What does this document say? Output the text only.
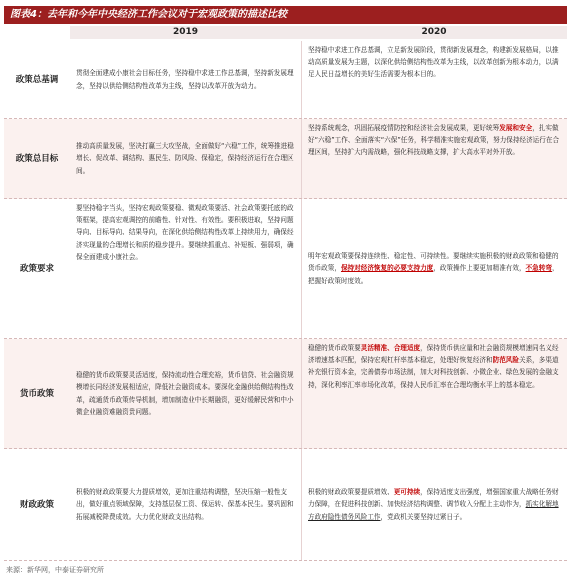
图表4：去年和今年中央经济工作会议对于宏观政策的描述比较
2019	2020
政策总基调
贯彻全面建成小康社会目标任务，坚持稳中求进工作总基调，坚持新发展理念，坚持以供给侧结构性改革为主线，坚持以改革开放为动力。
坚持稳中求进工作总基调，立足新发展阶段，贯彻新发展理念，构建新发展格局，以推动高质量发展为主题，以深化供给侧结构性改革为主线，以改革创新为根本动力，以满足人民日益增长的美好生活需要为根本目的。
政策总目标
推动高质量发展，坚决打赢三大攻坚战，全面做好“六稳”工作，统筹推进稳增长、促改革、调结构、惠民生、防风险、保稳定，保持经济运行在合理区间。
坚持系统观念，巩固拓展疫情防控和经济社会发展成果，更好统筹发展和安全，扎实做好“六稳”工作、全面落实“六保”任务，科学精准实施宏观政策，努力保持经济运行在合理区间，坚持扩大内需战略，强化科技战略支撑，扩大高水平对外开放。
政策要求
要坚持稳字当头，坚持宏观政策要稳、微观政策要活、社会政策要托底的政策框架，提高宏观调控的前瞻性、针对性、有效性。要积极进取，坚持问题导向、目标导向、结果导向，在深化供给侧结构性改革上持续用力，确保经济实现量的合理增长和质的稳步提升。要继续抓重点、补短板、强弱项，确保全面建成小康社会。	明年宏观政策要保持连续性、稳定性、可持续性。要继续实施积极的财政政策和稳健的货币政策，保持对经济恢复的必要支持力度，政策操作上要更加精准有效，不急转弯，把握好政策时度效。
货币政策
稳健的货币政策要灵活适度，保持流动性合理充裕，货币信贷、社会融资规模增长同经济发展相适应，降低社会融资成本。要深化金融供给侧结构性改革，疏通货币政策传导机制，增加制造业中长期融资，更好缓解民营和中小微企业融资难融资贵问题。
稳健的货币政策要灵活精准、合理适度，保持货币供应量和社会融资规模增速同名义经济增速基本匹配，保持宏观杠杆率基本稳定，处理好恢复经济和防范风险关系，多渠道补充银行资本金，完善债券市场法制，加大对科技创新、小微企业、绿色发展的金融支持，深化利率汇率市场化改革，保持人民币汇率在合理均衡水平上的基本稳定。
财政政策
积极的财政政策要大力提质增效，更加注重结构调整，坚决压缩一般性支出，做好重点领域保障，支持基层保工资、保运转、保基本民生。要巩固和拓展减税降费成效。大力优化财政支出结构。
积极的财政政策要提质增效、更可持续，保持适度支出强度，增强国家重大战略任务财力保障，在促进科技创新、加快经济结构调整、调节收入分配上主动作为，抓实化解地方政府隐性债务风险工作，党政机关要坚持过紧日子。
来源：新华网，中泰证券研究所
